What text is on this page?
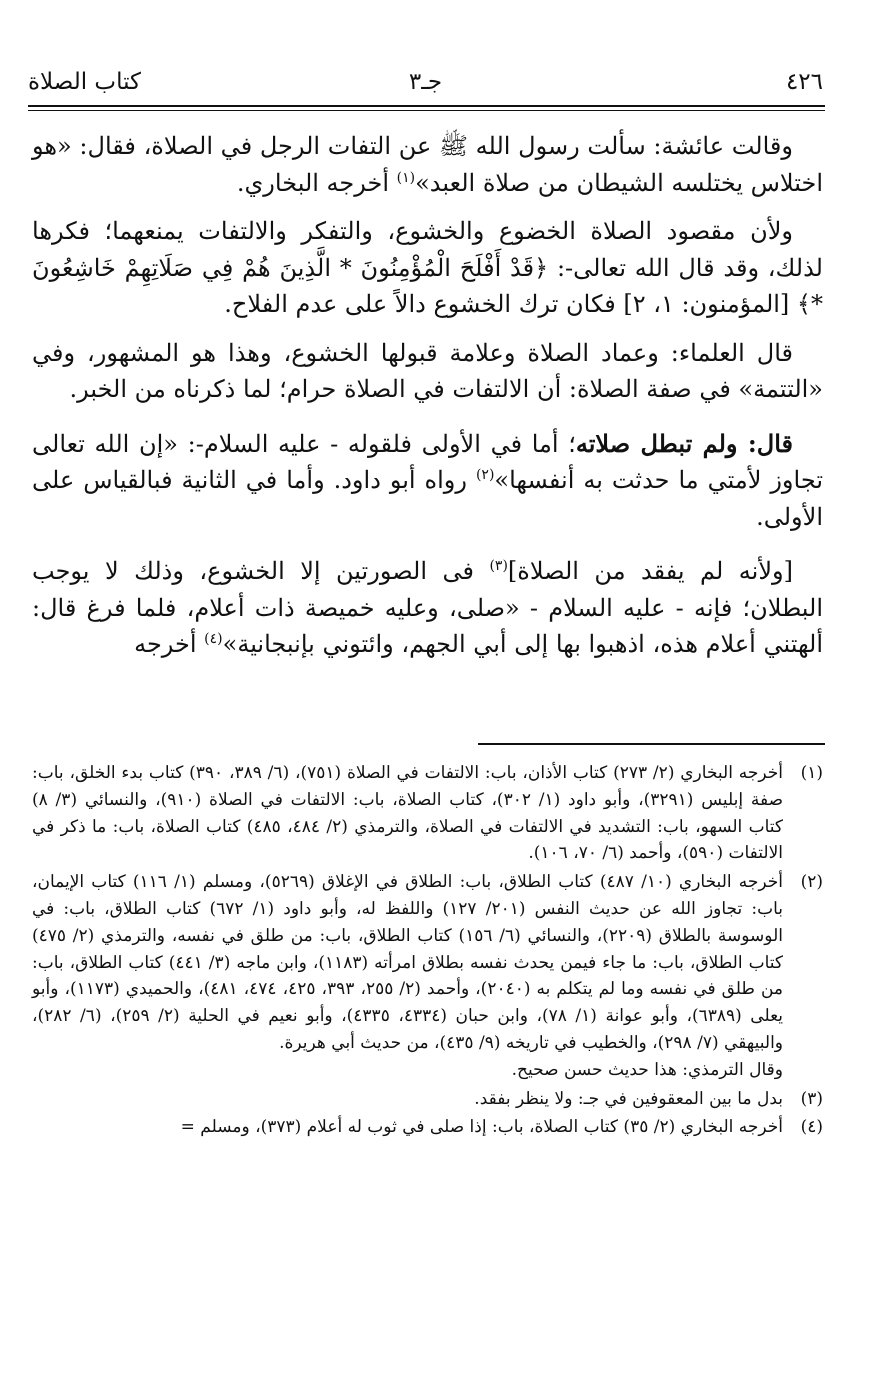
٤٢٦
جـ٣
كتاب الصلاة

وقالت عائشة: سألت رسول الله ﷺ عن التفات الرجل في الصلاة، فقال: «هو اختلاس يختلسه الشيطان من صلاة العبد»$^{(١)}$ أخرجه البخاري.

ولأن مقصود الصلاة الخضوع والخشوع، والتفكر والالتفات يمنعهما؛ فكرها لذلك، وقد قال الله تعالى-: ﴿قَدْ أَفْلَحَ الْمُؤْمِنُونَ * الَّذِينَ هُمْ فِي صَلَاتِهِمْ خَاشِعُونَ *﴾ [المؤمنون: ١، ٢] فكان ترك الخشوع دالاً على عدم الفلاح.

قال العلماء: وعماد الصلاة وعلامة قبولها الخشوع، وهذا هو المشهور، وفي «التتمة» في صفة الصلاة: أن الالتفات في الصلاة حرام؛ لما ذكرناه من الخبر.

قال: ولم تبطل صلاته؛ أما في الأولى فلقوله - عليه السلام-: «إن الله تعالى تجاوز لأمتي ما حدثت به أنفسها»$^{(٢)}$ رواه أبو داود. وأما في الثانية فبالقياس على الأولى.

[ولأنه لم يفقد من الصلاة]$^{(٣)}$ فى الصورتين إلا الخشوع، وذلك لا يوجب البطلان؛ فإنه - عليه السلام - «صلى، وعليه خميصة ذات أعلام، فلما فرغ قال: ألهتني أعلام هذه، اذهبوا بها إلى أبي الجهم، وائتوني بإنبجانية»$^{(٤)}$ أخرجه

(١)
أخرجه البخاري (٢/ ٢٧٣) كتاب الأذان، باب: الالتفات في الصلاة (٧٥١)، (٦/ ٣٨٩، ٣٩٠) كتاب بدء الخلق، باب: صفة إبليس (٣٢٩١)، وأبو داود (١/ ٣٠٢)، كتاب الصلاة، باب: الالتفات في الصلاة (٩١٠)، والنسائي (٣/ ٨) كتاب السهو، باب: التشديد في الالتفات في الصلاة، والترمذي (٢/ ٤٨٤، ٤٨٥) كتاب الصلاة، باب: ما ذكر في الالتفات (٥٩٠)، وأحمد (٦/ ٧٠، ١٠٦).
(٢)
أخرجه البخاري (١٠/ ٤٨٧) كتاب الطلاق، باب: الطلاق في الإغلاق (٥٢٦٩)، ومسلم (١/ ١١٦) كتاب الإيمان، باب: تجاوز الله عن حديث النفس (٢٠١/ ١٢٧) واللفظ له، وأبو داود (١/ ٦٧٢) كتاب الطلاق، باب: في الوسوسة بالطلاق (٢٢٠٩)، والنسائي (٦/ ١٥٦) كتاب الطلاق، باب: من طلق في نفسه، والترمذي (٢/ ٤٧٥) كتاب الطلاق، باب: ما جاء فيمن يحدث نفسه بطلاق امرأته (١١٨٣)، وابن ماجه (٣/ ٤٤١) كتاب الطلاق، باب: من طلق في نفسه وما لم يتكلم به (٢٠٤٠)، وأحمد (٢/ ٢٥٥، ٣٩٣، ٤٢٥، ٤٧٤، ٤٨١)، والحميدي (١١٧٣)، وأبو يعلى (٦٣٨٩)، وأبو عوانة (١/ ٧٨)، وابن حبان (٤٣٣٤، ٤٣٣٥)، وأبو نعيم في الحلية (٢/ ٢٥٩)، (٦/ ٢٨٢)، والبيهقي (٧/ ٢٩٨)، والخطيب في تاريخه (٩/ ٤٣٥)، من حديث أبي هريرة.
وقال الترمذي: هذا حديث حسن صحيح.
(٣)
بدل ما بين المعقوفين في جـ: ولا ينظر بفقد.
(٤)
أخرجه البخاري (٢/ ٣٥) كتاب الصلاة، باب: إذا صلى في ثوب له أعلام (٣٧٣)، ومسلم =
